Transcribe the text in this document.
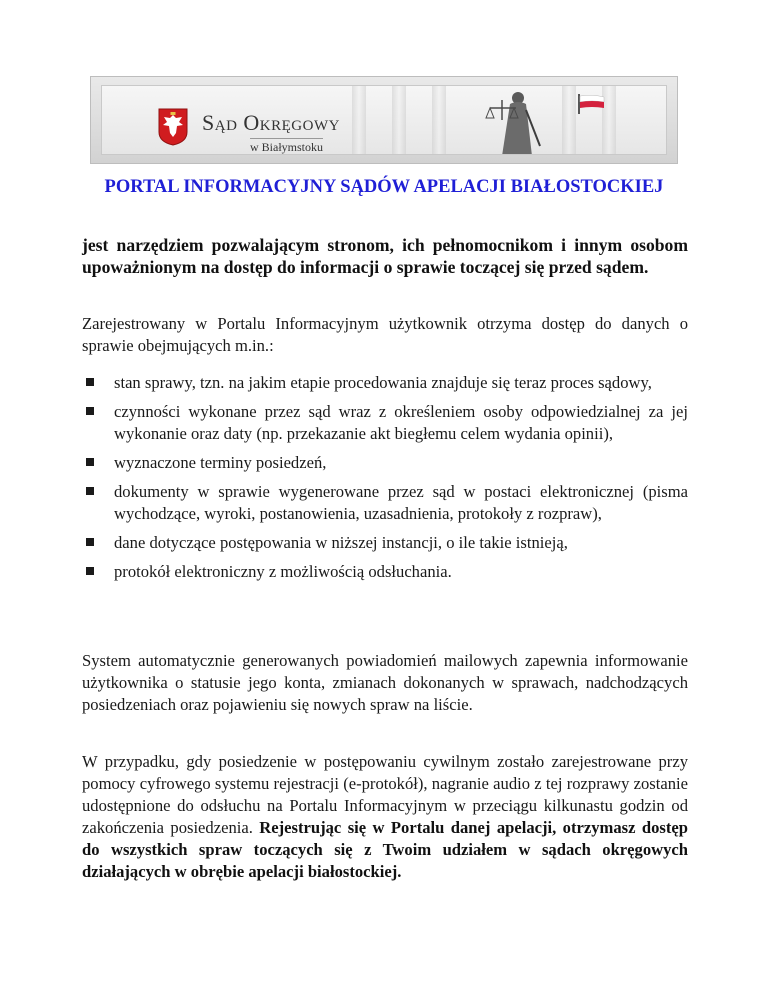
Sąd Okręgowy
w Białymstoku
PORTAL INFORMACYJNY SĄDÓW APELACJI BIAŁOSTOCKIEJ
jest narzędziem pozwalającym stronom, ich pełnomocnikom i innym osobom upoważnionym na dostęp do informacji o sprawie toczącej się przed sądem.
Zarejestrowany w Portalu Informacyjnym użytkownik otrzyma dostęp do danych o sprawie obejmujących m.in.:
stan sprawy, tzn. na jakim etapie procedowania znajduje się teraz proces sądowy,
czynności wykonane przez sąd wraz z określeniem osoby odpowiedzialnej za jej wykonanie oraz daty (np. przekazanie akt biegłemu celem wydania opinii),
wyznaczone terminy posiedzeń,
dokumenty w sprawie wygenerowane przez sąd w postaci elektronicznej (pisma wychodzące, wyroki, postanowienia, uzasadnienia, protokoły z rozpraw),
dane dotyczące postępowania w niższej instancji, o ile takie istnieją,
protokół elektroniczny z możliwością odsłuchania.
System automatycznie generowanych powiadomień mailowych zapewnia informowanie użytkownika o statusie jego konta, zmianach dokonanych w sprawach, nadchodzących posiedzeniach oraz pojawieniu się nowych spraw na liście.
W przypadku, gdy posiedzenie w postępowaniu cywilnym zostało zarejestrowane przy pomocy cyfrowego systemu rejestracji (e-protokół), nagranie audio z tej rozprawy zostanie udostępnione do odsłuchu na Portalu Informacyjnym w przeciągu kilkunastu godzin od zakończenia posiedzenia. Rejestrując się w Portalu danej apelacji, otrzymasz dostęp do wszystkich spraw toczących się z Twoim udziałem w sądach okręgowych działających w obrębie apelacji białostockiej.
